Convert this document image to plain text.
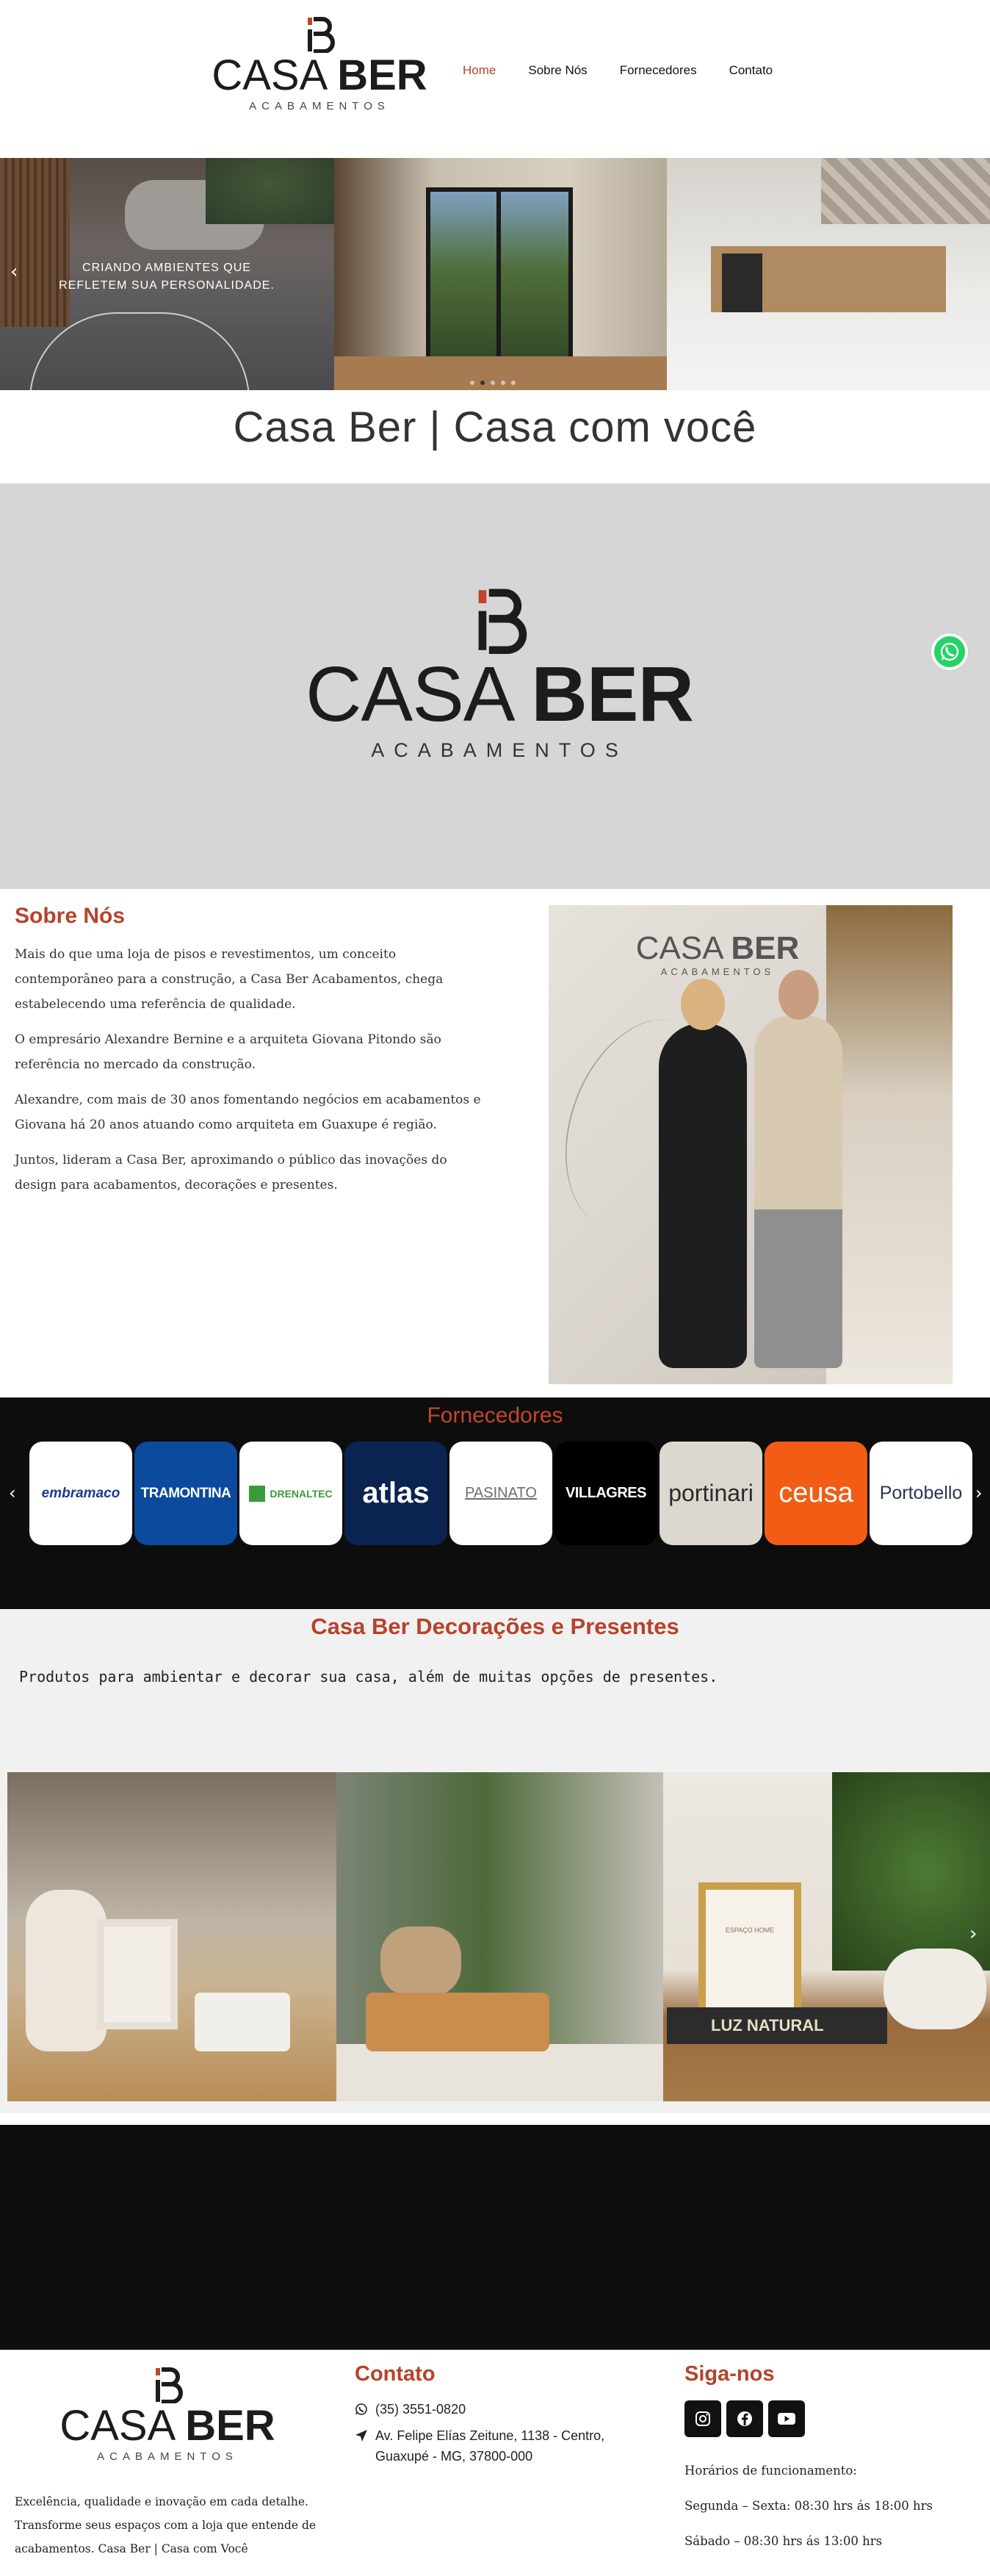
CASA BER
ACABAMENTOS
Home	Sobre Nós	Fornecedores	Contato
CRIANDO AMBIENTES QUE
REFLETEM SUA PERSONALIDADE.
‹
Casa Ber | Casa com você
CASA BER
ACABAMENTOS
Sobre Nós

Mais do que uma loja de pisos e revestimentos, um conceito contemporâneo para a construção, a Casa Ber Acabamentos, chega estabelecendo uma referência de qualidade.

O empresário Alexandre Bernine e a arquiteta Giovana Pitondo são referência no mercado da construção.

Alexandre, com mais de 30 anos fomentando negócios em acabamentos e Giovana há 20 anos atuando como arquiteta em Guaxupe é região.

Juntos, lideram a Casa Ber, aproximando o público das inovações do design para acabamentos, decorações e presentes.

CASA BER
ACABAMENTOS
Fornecedores
‹ embramaco TRAMONTINA	DRENALTEC atlas PASINATO VILLAGRES portinari ceusa Portobello ›
Casa Ber Decorações e Presentes

Produtos para ambientar e decorar sua casa, além de muitas opções de presentes.

ESPAÇO HOME
LUZ NATURAL
›
CASA BER
ACABAMENTOS

Excelência, qualidade e inovação em cada detalhe. Transforme seus espaços com a loja que entende de acabamentos. Casa Ber | Casa com Você

Contato
(35) 3551-0820
Av. Felipe Elías Zeitune, 1138 - Centro,
Guaxupé - MG, 37800-000
Siga-nos
Horários de funcionamento:
Segunda – Sexta: 08:30 hrs ás 18:00 hrs
Sábado – 08:30 hrs ás 13:00 hrs
